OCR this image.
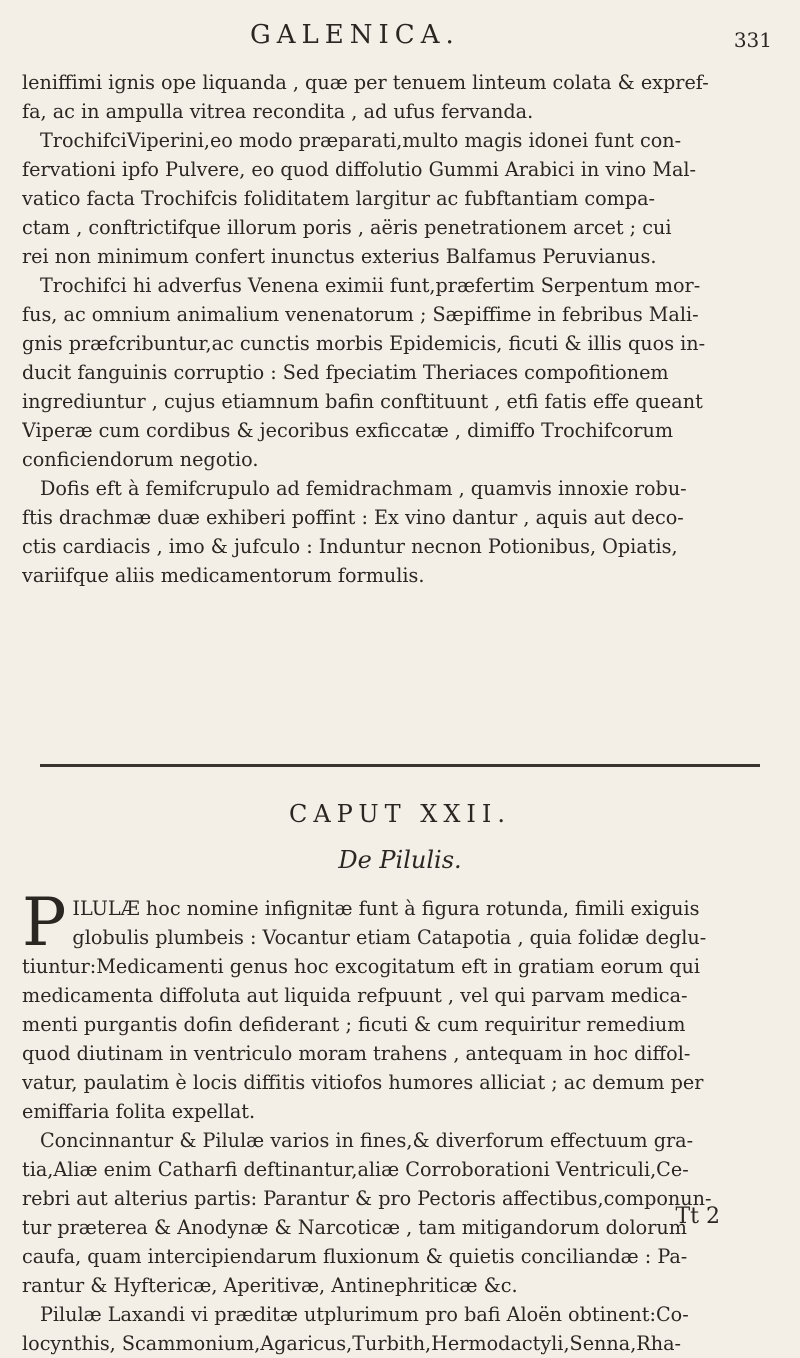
GALENICA.	331
leniffimi ignis ope liquanda , quæ per tenuem linteum colata & expref-
fa, ac in ampulla vitrea recondita , ad ufus fervanda.
TrochifciViperini,eo modo præparati,multo magis idonei funt con-
fervationi ipfo Pulvere, eo quod diffolutio Gummi Arabici in vino Mal-
vatico facta Trochifcis foliditatem largitur ac fubftantiam compa-
ctam , conftrictifque illorum poris , aëris penetrationem arcet ; cui
rei non minimum confert inunctus exterius Balfamus Peruvianus.
Trochifci hi adverfus Venena eximii funt,præfertim Serpentum mor-
fus, ac omnium animalium venenatorum ; Sæpiffime in febribus Mali-
gnis præfcribuntur,ac cunctis morbis Epidemicis, ficuti & illis quos in-
ducit fanguinis corruptio : Sed fpeciatim Theriaces compofitionem
ingrediuntur , cujus etiamnum bafin conftituunt , etfi fatis effe queant
Viperæ cum cordibus & jecoribus exficcatæ , dimiffo Trochifcorum
conficiendorum negotio.
Dofis eft à femifcrupulo ad femidrachmam , quamvis innoxie robu-
ftis drachmæ duæ exhiberi poffint : Ex vino dantur , aquis aut deco-
ctis cardiacis , imo & jufculo : Induntur necnon Potionibus, Opiatis,
variifque aliis medicamentorum formulis.
CAPUT XXII.
De Pilulis.
P ILULÆ hoc nomine infignitæ funt à figura rotunda, fimili exiguis
globulis plumbeis : Vocantur etiam Catapotia , quia folidæ deglu-
tiuntur:Medicamenti genus hoc excogitatum eft in gratiam eorum qui
medicamenta diffoluta aut liquida refpuunt , vel qui parvam medica-
menti purgantis dofin defiderant ; ficuti & cum requiritur remedium
quod diutinam in ventriculo moram trahens , antequam in hoc diffol-
vatur, paulatim è locis diffitis vitiofos humores alliciat ; ac demum per
emiffaria folita expellat.
Concinnantur & Pilulæ varios in fines,& diverforum effectuum gra-
tia,Aliæ enim Catharfi deftinantur,aliæ Corroborationi Ventriculi,Ce-
rebri aut alterius partis: Parantur & pro Pectoris affectibus,componun-
tur præterea & Anodynæ & Narcoticæ , tam mitigandorum dolorum
caufa, quam intercipiendarum fluxionum & quietis conciliandæ : Pa-
rantur & Hyftericæ, Aperitivæ, Antinephriticæ &c.
Pilulæ Laxandi vi præditæ utplurimum pro bafi Aloën obtinent:Co-
locynthis, Scammonium,Agaricus,Turbith,Hermodactyli,Senna,Rha-
Tt 2
